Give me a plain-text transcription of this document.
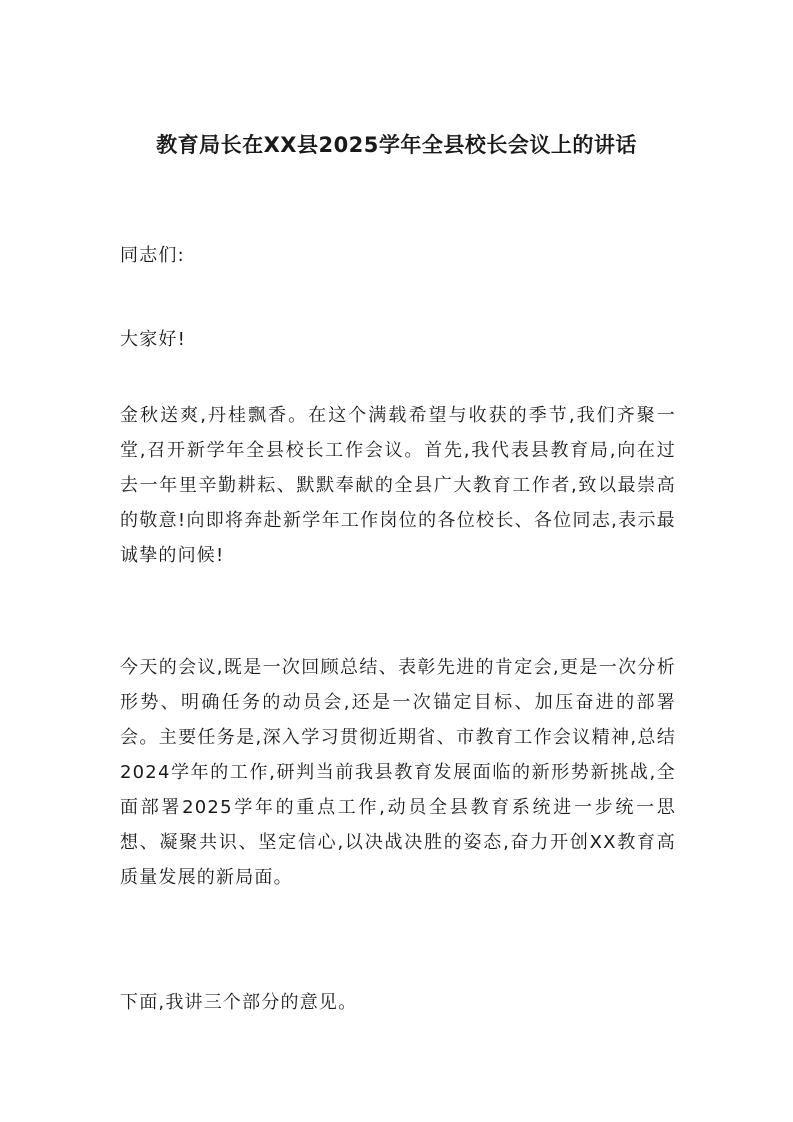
教育局长在XX县2025学年全县校长会议上的讲话

同志们:

大家好!

金秋送爽,丹桂飘香。在这个满载希望与收获的季节,我们齐聚一堂,召开新学年全县校长工作会议。首先,我代表县教育局,向在过去一年里辛勤耕耘、默默奉献的全县广大教育工作者,致以最崇高的敬意!向即将奔赴新学年工作岗位的各位校长、各位同志,表示最诚挚的问候!

今天的会议,既是一次回顾总结、表彰先进的肯定会,更是一次分析形势、明确任务的动员会,还是一次锚定目标、加压奋进的部署会。主要任务是,深入学习贯彻近期省、市教育工作会议精神,总结2024学年的工作,研判当前我县教育发展面临的新形势新挑战,全面部署2025学年的重点工作,动员全县教育系统进一步统一思想、凝聚共识、坚定信心,以决战决胜的姿态,奋力开创XX教育高质量发展的新局面。

下面,我讲三个部分的意见。
